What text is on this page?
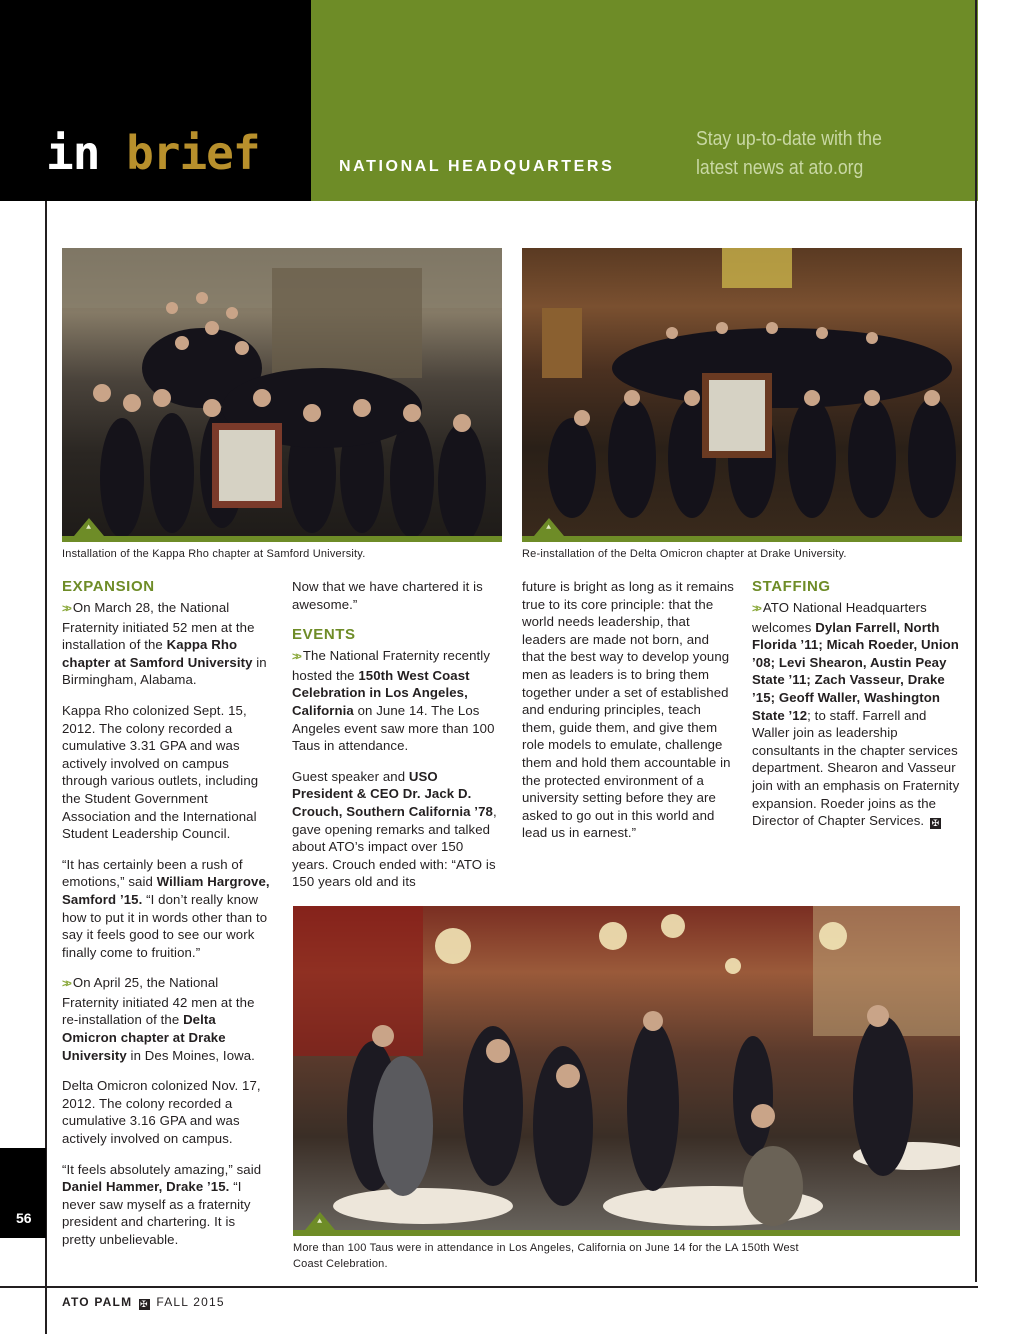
in brief	NATIONAL HEADQUARTERS
Stay up-to-date with the
latest news at ato.org
⯅
Installation of the Kappa Rho chapter at Samford University.
⯅
Re-installation of the Delta Omicron chapter at Drake University.
EXPANSION

>> On March 28, the National Fraternity initiated 52 men at the installation of the Kappa Rho chapter at Samford University in Birmingham, Alabama.

Kappa Rho colonized Sept. 15, 2012. The colony recorded a cumulative 3.31 GPA and was actively involved on campus through various outlets, including the Student Government Association and the International Student Leadership Council.

“It has certainly been a rush of emotions,” said William Hargrove, Samford ’15. “I don’t really know how to put it in words other than to say it feels good to see our work finally come to fruition.”

>> On April 25, the National Fraternity initiated 42 men at the re-installation of the Delta Omicron chapter at Drake University in Des Moines, Iowa.

Delta Omicron colonized Nov. 17, 2012. The colony recorded a cumulative 3.16 GPA and was actively involved on campus.

“It feels absolutely amazing,” said Daniel Hammer, Drake ’15. “I never saw myself as a fraternity president and chartering. It is pretty unbelievable.

Now that we have chartered it is awesome.”

EVENTS

>> The National Fraternity recently hosted the 150th West Coast Celebration in Los Angeles, California on June 14. The Los Angeles event saw more than 100 Taus in attendance.

Guest speaker and USO President & CEO Dr. Jack D. Crouch, Southern California ’78, gave opening remarks and talked about ATO’s impact over 150 years. Crouch ended with: “ATO is 150 years old and its

future is bright as long as it remains true to its core principle: that the world needs leadership, that leaders are made not born, and that the best way to develop young men as leaders is to bring them together under a set of established and enduring principles, teach them, guide them, and give them role models to emulate, challenge them and hold them accountable in the protected environment of a university setting before they are asked to go out in this world and lead us in earnest.”

STAFFING

>> ATO National Headquarters welcomes Dylan Farrell, North Florida ’11; Micah Roeder, Union ’08; Levi Shearon, Austin Peay State ’11; Zach Vasseur, Drake ’15; Geoff Waller, Washington State ’12; to staff. Farrell and Waller join as leadership consultants in the chapter services department. Shearon and Vasseur join with an emphasis on Fraternity expansion. Roeder joins as the Director of Chapter Services. ✠

⯅
More than 100 Taus were in attendance in Los Angeles, California on June 14 for the LA 150th West
Coast Celebration.
56
ATO PALM ✠ FALL 2015
